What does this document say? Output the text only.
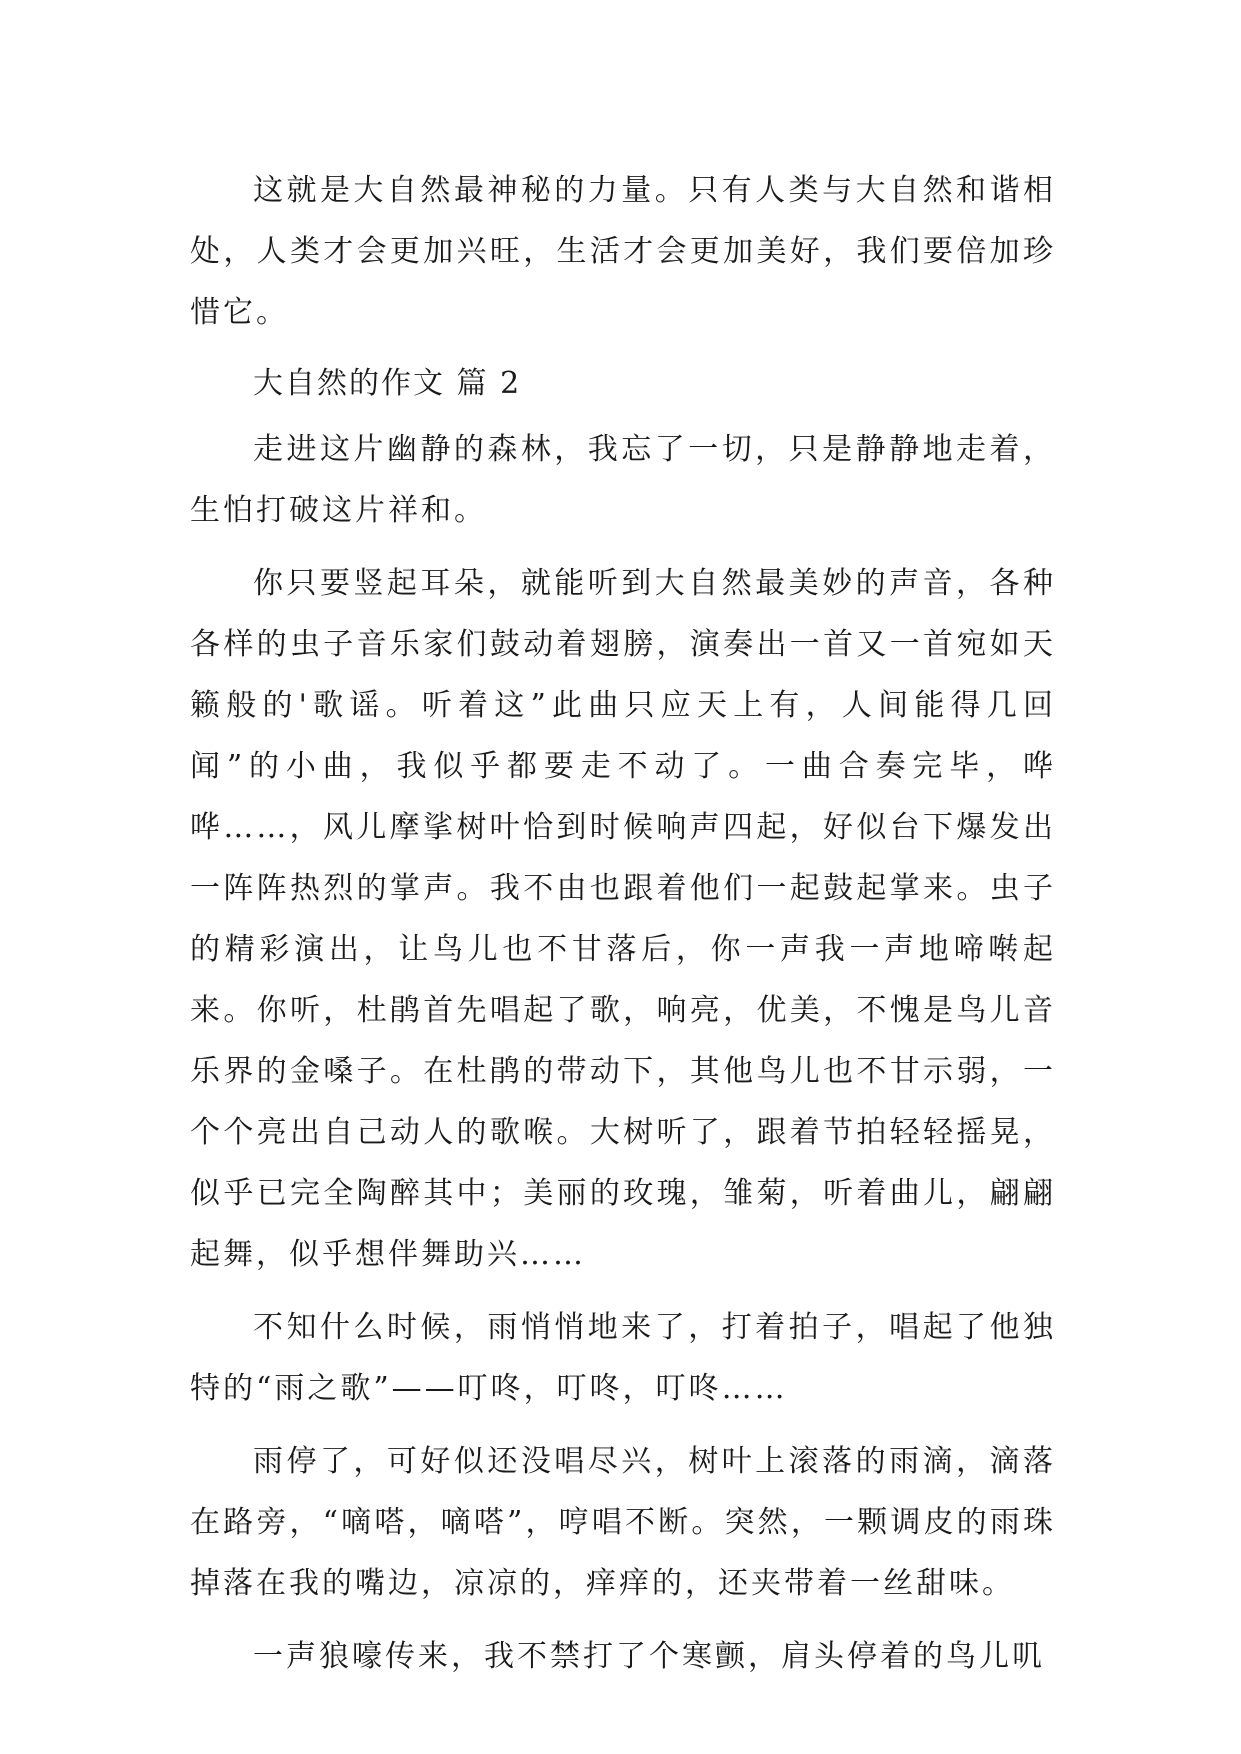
这就是大自然最神秘的力量。只有人类与大自然和谐相处，人类才会更加兴旺，生活才会更加美好，我们要倍加珍惜它。

大自然的作文 篇 2

走进这片幽静的森林，我忘了一切，只是静静地走着，生怕打破这片祥和。

你只要竖起耳朵，就能听到大自然最美妙的声音，各种各样的虫子音乐家们鼓动着翅膀，演奏出一首又一首宛如天籁般的'歌谣。听着这”此曲只应天上有，人间能得几回闻”的小曲，我似乎都要走不动了。一曲合奏完毕，哗哗……，风儿摩挲树叶恰到时候响声四起，好似台下爆发出一阵阵热烈的掌声。我不由也跟着他们一起鼓起掌来。虫子的精彩演出，让鸟儿也不甘落后，你一声我一声地啼啭起来。你听，杜鹃首先唱起了歌，响亮，优美，不愧是鸟儿音乐界的金嗓子。在杜鹃的带动下，其他鸟儿也不甘示弱，一个个亮出自己动人的歌喉。大树听了，跟着节拍轻轻摇晃，似乎已完全陶醉其中；美丽的玫瑰，雏菊，听着曲儿，翩翩起舞，似乎想伴舞助兴……

不知什么时候，雨悄悄地来了，打着拍子，唱起了他独特的“雨之歌”——叮咚，叮咚，叮咚……

雨停了，可好似还没唱尽兴，树叶上滚落的雨滴，滴落在路旁，“嘀嗒，嘀嗒”，哼唱不断。突然，一颗调皮的雨珠掉落在我的嘴边，凉凉的，痒痒的，还夹带着一丝甜味。

一声狼嚎传来，我不禁打了个寒颤，肩头停着的鸟儿叽
